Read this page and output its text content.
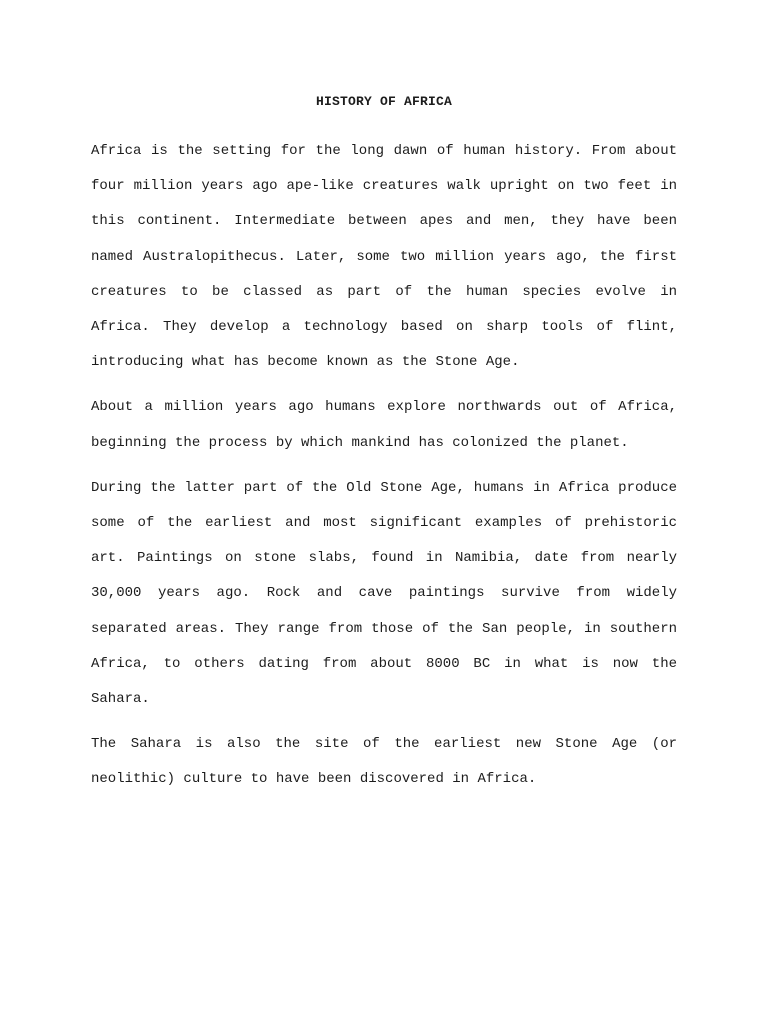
HISTORY OF AFRICA

Africa is the setting for the long dawn of human history. From about four million years ago ape-like creatures walk upright on two feet in this continent. Intermediate between apes and men, they have been named Australopithecus. Later, some two million years ago, the first creatures to be classed as part of the human species evolve in Africa. They develop a technology based on sharp tools of flint, introducing what has become known as the Stone Age.

About a million years ago humans explore northwards out of Africa, beginning the process by which mankind has colonized the planet.

During the latter part of the Old Stone Age, humans in Africa produce some of the earliest and most significant examples of prehistoric art. Paintings on stone slabs, found in Namibia, date from nearly 30,000 years ago. Rock and cave paintings survive from widely separated areas. They range from those of the San people, in southern Africa, to others dating from about 8000 BC in what is now the Sahara.

The Sahara is also the site of the earliest new Stone Age (or neolithic) culture to have been discovered in Africa.
